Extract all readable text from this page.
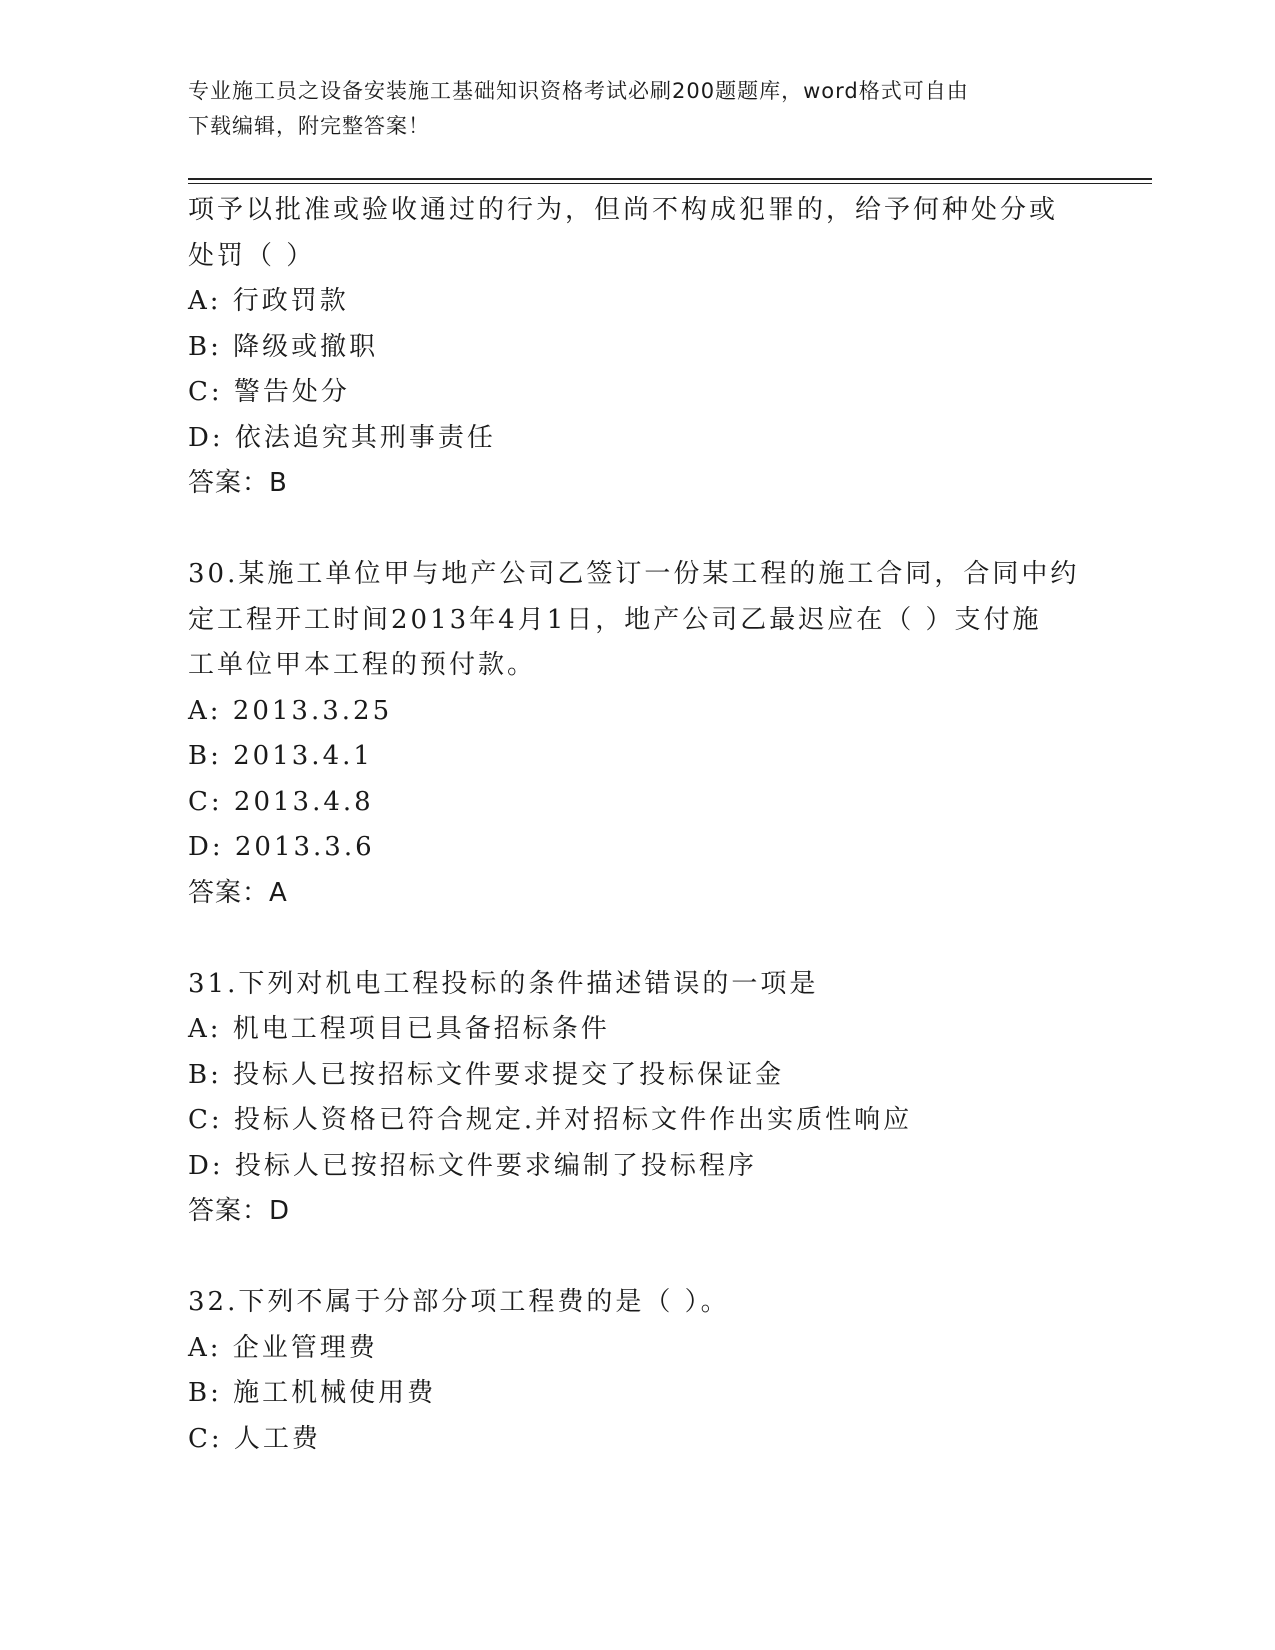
专业施工员之设备安装施工基础知识资格考试必刷200题题库，word格式可自由
下载编辑，附完整答案！
项予以批准或验收通过的行为，但尚不构成犯罪的，给予何种处分或
处罚（ ）
A: 行政罚款
B: 降级或撤职
C: 警告处分
D: 依法追究其刑事责任
答案：B
30.某施工单位甲与地产公司乙签订一份某工程的施工合同，合同中约
定工程开工时间2013年4月1日，地产公司乙最迟应在（ ）支付施
工单位甲本工程的预付款。
A: 2013.3.25
B: 2013.4.1
C: 2013.4.8
D: 2013.3.6
答案：A
31.下列对机电工程投标的条件描述错误的一项是
A: 机电工程项目已具备招标条件
B: 投标人已按招标文件要求提交了投标保证金
C: 投标人资格已符合规定.并对招标文件作出实质性响应
D: 投标人已按招标文件要求编制了投标程序
答案：D
32.下列不属于分部分项工程费的是（ ）。
A: 企业管理费
B: 施工机械使用费
C: 人工费
